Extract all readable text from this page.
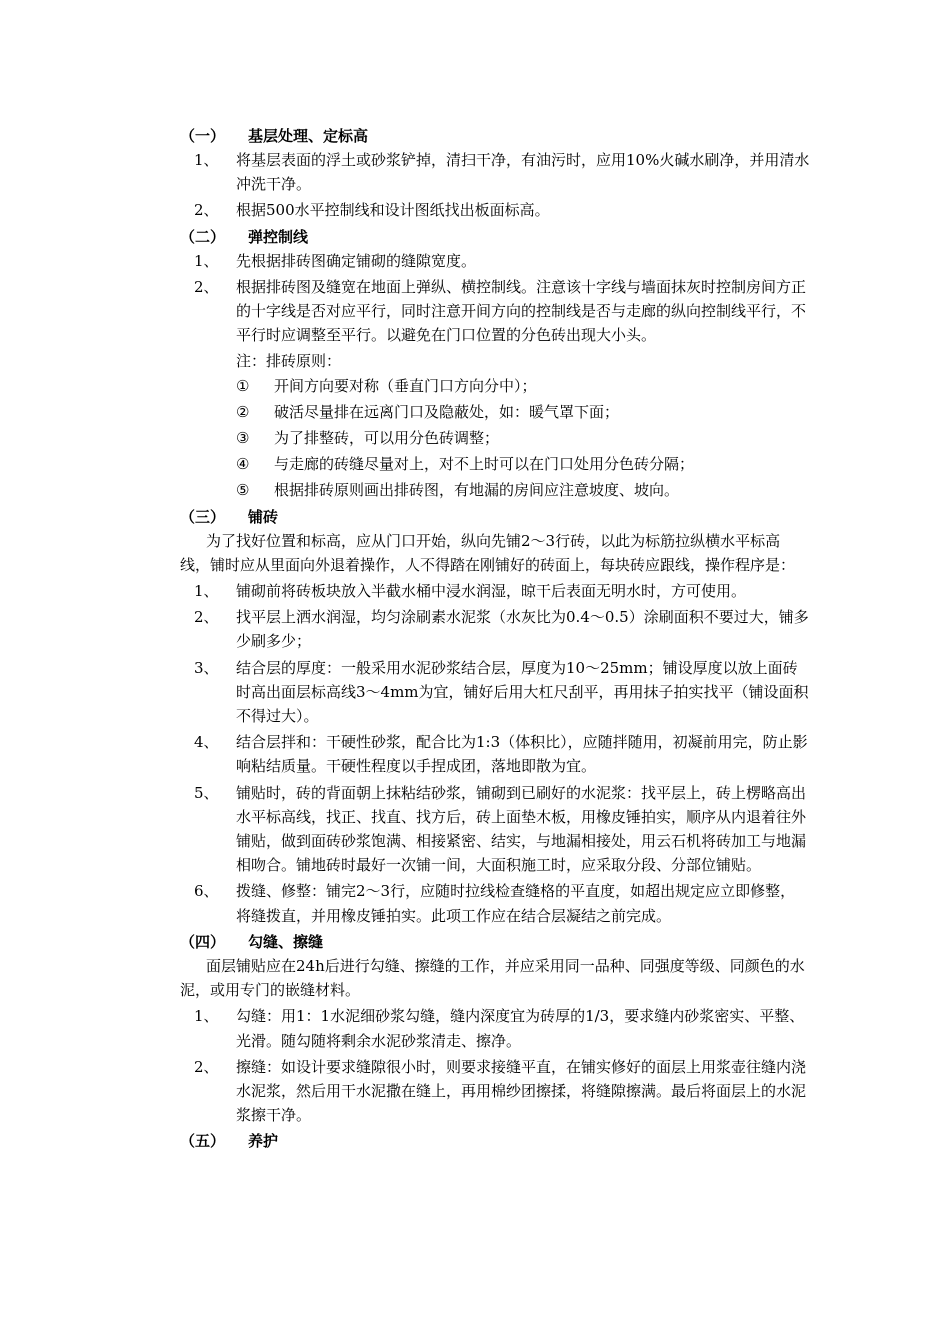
（一） 基层处理、定标高
1、 将基层表面的浮土或砂浆铲掉，清扫干净，有油污时，应用10%火碱水刷净，并用清水冲洗干净。

2、 根据500水平控制线和设计图纸找出板面标高。

（二） 弹控制线
1、 先根据排砖图确定铺砌的缝隙宽度。

2、 根据排砖图及缝宽在地面上弹纵、横控制线。注意该十字线与墙面抹灰时控制房间方正的十字线是否对应平行，同时注意开间方向的控制线是否与走廊的纵向控制线平行，不平行时应调整至平行。以避免在门口位置的分色砖出现大小头。

注：排砖原则：
① 开间方向要对称（垂直门口方向分中）；

② 破活尽量排在远离门口及隐蔽处，如：暖气罩下面；

③ 为了排整砖，可以用分色砖调整；

④ 与走廊的砖缝尽量对上，对不上时可以在门口处用分色砖分隔；

⑤ 根据排砖原则画出排砖图，有地漏的房间应注意坡度、坡向。

（三） 铺砖

为了找好位置和标高，应从门口开始，纵向先铺2～3行砖，以此为标筋拉纵横水平标高线，铺时应从里面向外退着操作，人不得踏在刚铺好的砖面上，每块砖应跟线，操作程序是：

1、 铺砌前将砖板块放入半截水桶中浸水润湿，晾干后表面无明水时，方可使用。

2、 找平层上洒水润湿，均匀涂刷素水泥浆（水灰比为0.4～0.5）涂刷面积不要过大，铺多少刷多少；

3、 结合层的厚度：一般采用水泥砂浆结合层，厚度为10～25mm；铺设厚度以放上面砖时高出面层标高线3～4mm为宜，铺好后用大杠尺刮平，再用抹子拍实找平（铺设面积不得过大）。

4、 结合层拌和：干硬性砂浆，配合比为1:3（体积比），应随拌随用，初凝前用完，防止影响粘结质量。干硬性程度以手捏成团，落地即散为宜。

5、 铺贴时，砖的背面朝上抹粘结砂浆，铺砌到已刷好的水泥浆：找平层上，砖上楞略高出水平标高线，找正、找直、找方后，砖上面垫木板，用橡皮锤拍实，顺序从内退着往外铺贴，做到面砖砂浆饱满、相接紧密、结实，与地漏相接处，用云石机将砖加工与地漏相吻合。铺地砖时最好一次铺一间，大面积施工时，应采取分段、分部位铺贴。

6、 拨缝、修整：铺完2～3行，应随时拉线检查缝格的平直度，如超出规定应立即修整，将缝拨直，并用橡皮锤拍实。此项工作应在结合层凝结之前完成。

（四） 勾缝、擦缝

面层铺贴应在24h后进行勾缝、擦缝的工作，并应采用同一品种、同强度等级、同颜色的水泥，或用专门的嵌缝材料。

1、 勾缝：用1：1水泥细砂浆勾缝，缝内深度宜为砖厚的1/3，要求缝内砂浆密实、平整、光滑。随勾随将剩余水泥砂浆清走、擦净。

2、 擦缝：如设计要求缝隙很小时，则要求接缝平直，在铺实修好的面层上用浆壶往缝内浇水泥浆，然后用干水泥撒在缝上，再用棉纱团擦揉，将缝隙擦满。最后将面层上的水泥浆擦干净。

（五） 养护
